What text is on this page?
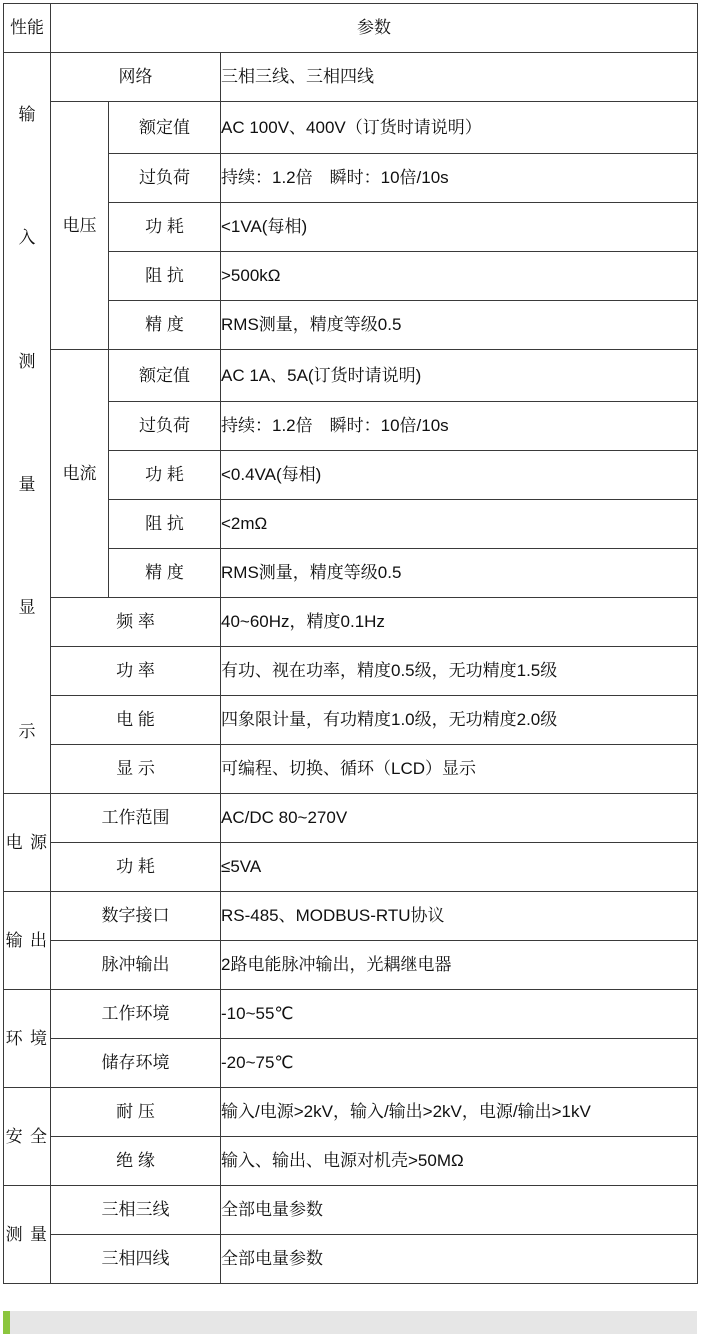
性能	参数		

输
入
测
量
显
示
	网络	三相三线、三相四线
	电压	额定值	AC 100V、400V（订货时请说明）
		过负荷	持续：1.2倍　瞬时：10倍/10s
		功 耗	<1VA(每相)
		阻 抗	>500kΩ
		精 度	RMS测量，精度等级0.5
	电流	额定值	AC 1A、5A(订货时请说明)
		过负荷	持续：1.2倍　瞬时：10倍/10s
		功 耗	<0.4VA(每相)
		阻 抗	<2mΩ
		精 度	RMS测量，精度等级0.5
	频 率		40~60Hz，精度0.1Hz
	功 率		有功、视在功率，精度0.5级，无功精度1.5级
	电 能		四象限计量，有功精度1.0级，无功精度2.0级
	显 示		可编程、切换、循环（LCD）显示
电 源	工作范围		AC/DC 80~270V
	功 耗		≤5VA
输 出	数字接口		RS-485、MODBUS-RTU协议
	脉冲输出		2路电能脉冲输出，光耦继电器
环 境	工作环境		-10~55℃
	储存环境		-20~75℃
安 全	耐 压		输入/电源>2kV，输入/输出>2kV，电源/输出>1kV
	绝 缘		输入、输出、电源对机壳>50MΩ
测 量	三相三线		全部电量参数
	三相四线		全部电量参数
